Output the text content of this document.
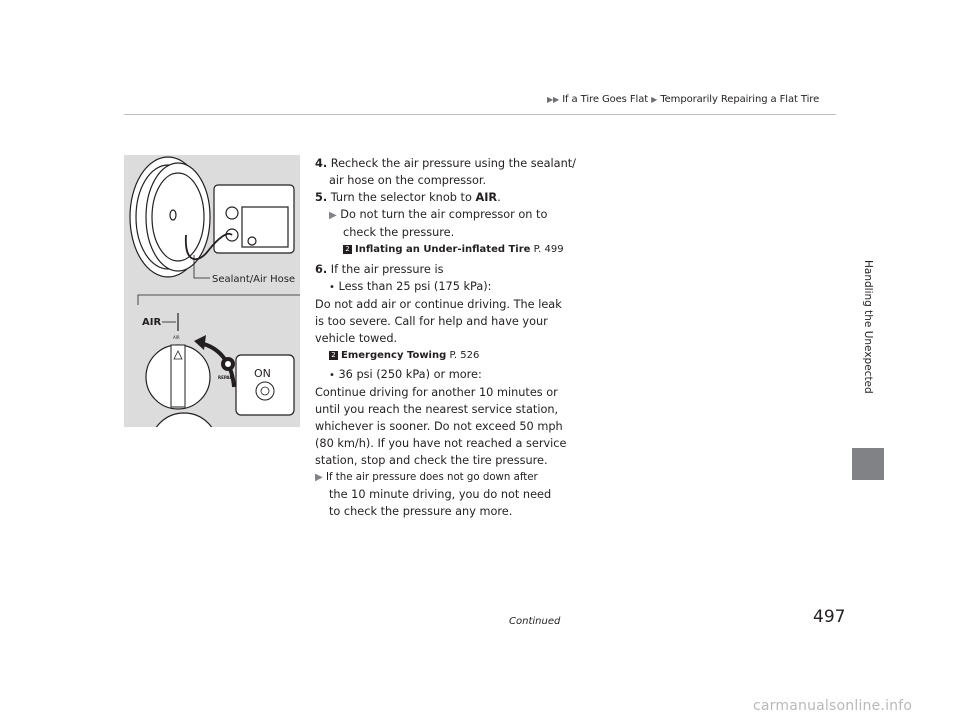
▶▶ If a Tire Goes Flat ▶ Temporarily Repairing a Flat Tire
Handling the Unexpected
Sealant/Air Hose
AIR
AIR
REPAIR ON
4. Recheck the air pressure using the sealant/
air hose on the compressor.
5. Turn the selector knob to AIR.
▶ Do not turn the air compressor on to
check the pressure.
2 Inflating an Under-inflated Tire P. 499
6. If the air pressure is
• Less than 25 psi (175 kPa):
Do not add air or continue driving. The leak
is too severe. Call for help and have your
vehicle towed.
2 Emergency Towing P. 526
• 36 psi (250 kPa) or more:
Continue driving for another 10 minutes or
until you reach the nearest service station,
whichever is sooner. Do not exceed 50 mph
(80 km/h). If you have not reached a service
station, stop and check the tire pressure.
▶ If the air pressure does not go down after
the 10 minute driving, you do not need
to check the pressure any more.
Continued	497
carmanualsonline.info
